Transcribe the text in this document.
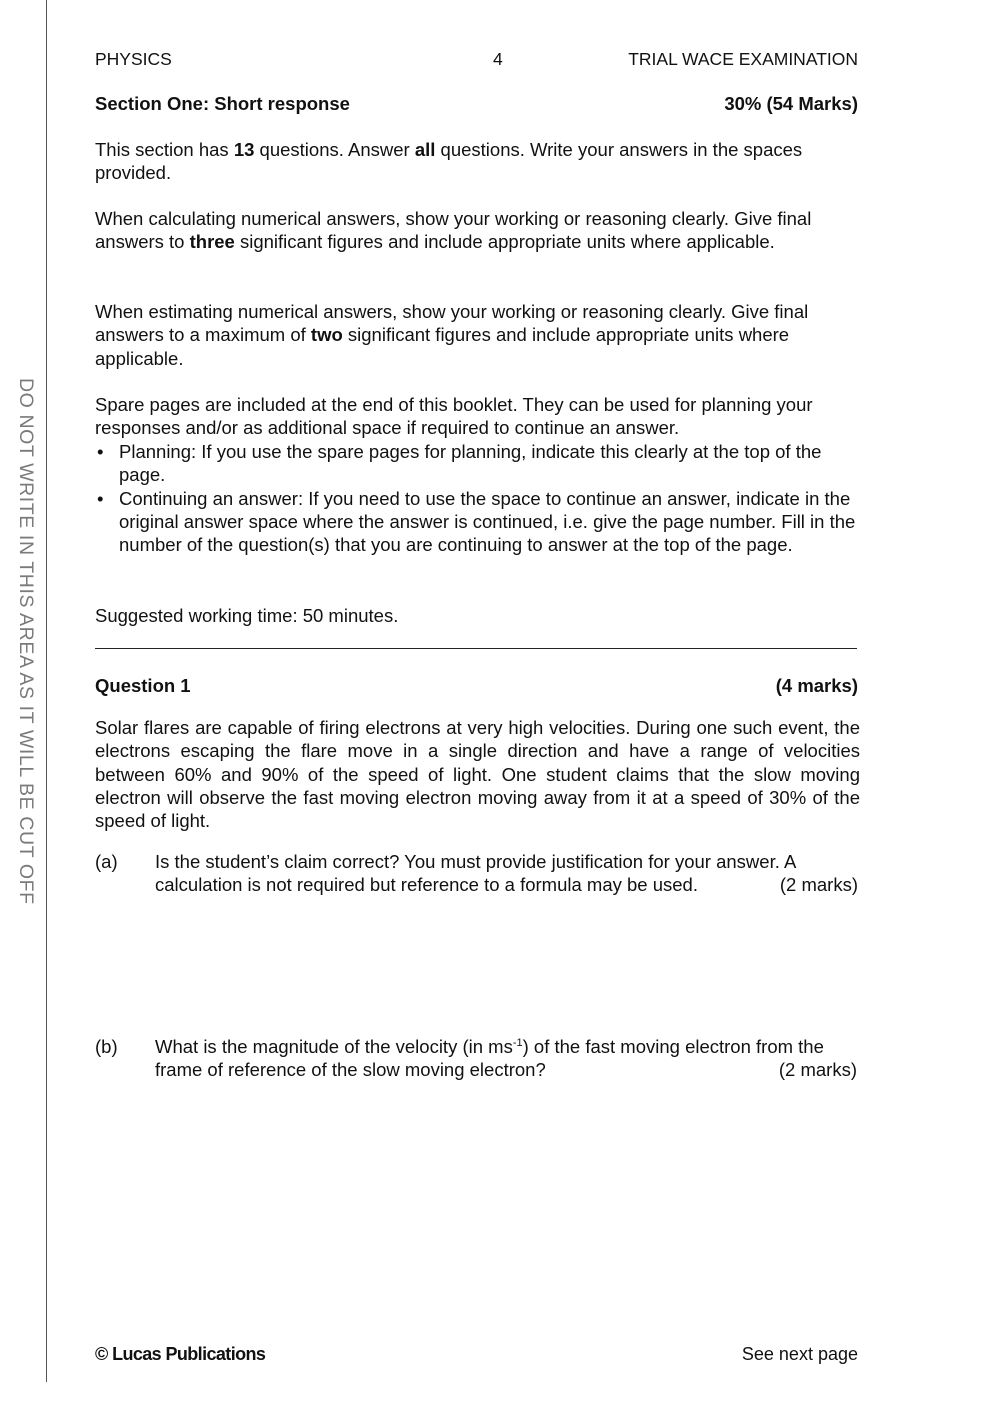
DO NOT WRITE IN THIS AREA AS IT WILL BE CUT OFF
PHYSICS	4	TRIAL WACE EXAMINATION
Section One: Short response	30% (54 Marks)
This section has 13 questions. Answer all questions. Write your answers in the spaces provided.
When calculating numerical answers, show your working or reasoning clearly. Give final answers to three significant figures and include appropriate units where applicable.
When estimating numerical answers, show your working or reasoning clearly. Give final answers to a maximum of two significant figures and include appropriate units where applicable.
Spare pages are included at the end of this booklet. They can be used for planning your responses and/or as additional space if required to continue an answer.
• Planning: If you use the spare pages for planning, indicate this clearly at the top of the page.
• Continuing an answer: If you need to use the space to continue an answer, indicate in the original answer space where the answer is continued, i.e. give the page number. Fill in the number of the question(s) that you are continuing to answer at the top of the page.
Suggested working time: 50 minutes.
Question 1	(4 marks)
Solar flares are capable of firing electrons at very high velocities. During one such event, the electrons escaping the flare move in a single direction and have a range of velocities between 60% and 90% of the speed of light. One student claims that the slow moving electron will observe the fast moving electron moving away from it at a speed of 30% of the speed of light.
(a) Is the student’s claim correct? You must provide justification for your answer. A calculation is not required but reference to a formula may be used.	(2 marks)
(b) What is the magnitude of the velocity (in $ms^{-1}$) of the fast moving electron from the frame of reference of the slow moving electron?	(2 marks)
© Lucas Publications	See next page
